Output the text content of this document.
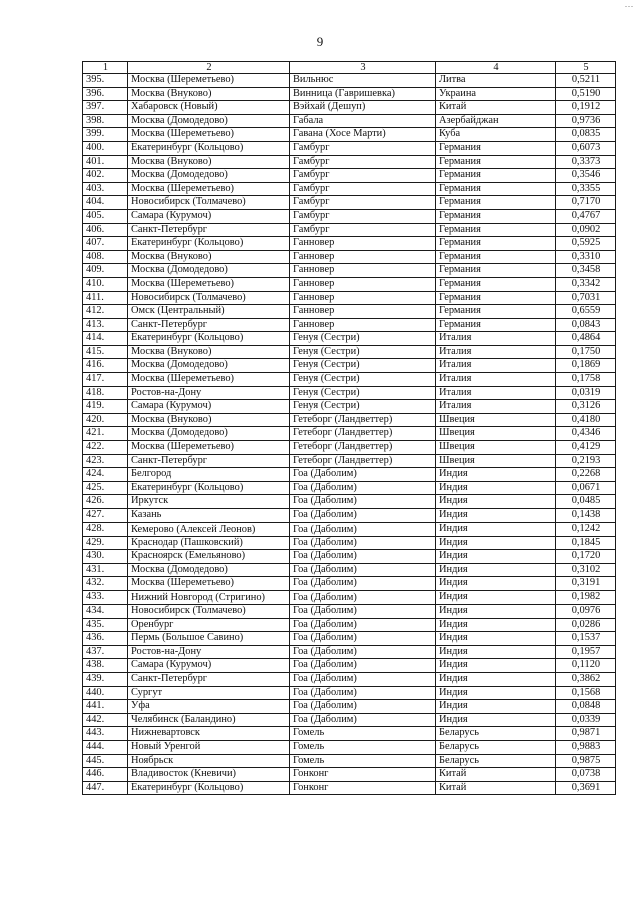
...
9
1	2	3	4	5
395.	Москва (Шереметьево)	Вильнюс	Литва	0,5211
396.	Москва (Внуково)	Винница (Гавришевка)	Украина	0,5190
397.	Хабаровск (Новый)	Вэйхай (Дешуп)	Китай	0,1912
398.	Москва (Домодедово)	Габала	Азербайджан	0,9736
399.	Москва (Шереметьево)	Гавана (Хосе Марти)	Куба	0,0835
400.	Екатеринбург (Кольцово)	Гамбург	Германия	0,6073
401.	Москва (Внуково)	Гамбург	Германия	0,3373
402.	Москва (Домодедово)	Гамбург	Германия	0,3546
403.	Москва (Шереметьево)	Гамбург	Германия	0,3355
404.	Новосибирск (Толмачево)	Гамбург	Германия	0,7170
405.	Самара (Курумоч)	Гамбург	Германия	0,4767
406.	Санкт-Петербург	Гамбург	Германия	0,0902
407.	Екатеринбург (Кольцово)	Ганновер	Германия	0,5925
408.	Москва (Внуково)	Ганновер	Германия	0,3310
409.	Москва (Домодедово)	Ганновер	Германия	0,3458
410.	Москва (Шереметьево)	Ганновер	Германия	0,3342
411.	Новосибирск (Толмачево)	Ганновер	Германия	0,7031
412.	Омск (Центральный)	Ганновер	Германия	0,6559
413.	Санкт-Петербург	Ганновер	Германия	0,0843
414.	Екатеринбург (Кольцово)	Генуя (Сестри)	Италия	0,4864
415.	Москва (Внуково)	Генуя (Сестри)	Италия	0,1750
416.	Москва (Домодедово)	Генуя (Сестри)	Италия	0,1869
417.	Москва (Шереметьево)	Генуя (Сестри)	Италия	0,1758
418.	Ростов-на-Дону	Генуя (Сестри)	Италия	0,0319
419.	Самара (Курумоч)	Генуя (Сестри)	Италия	0,3126
420.	Москва (Внуково)	Гетеборг (Ландветтер)	Швеция	0,4180
421.	Москва (Домодедово)	Гетеборг (Ландветтер)	Швеция	0,4346
422.	Москва (Шереметьево)	Гетеборг (Ландветтер)	Швеция	0,4129
423.	Санкт-Петербург	Гетеборг (Ландветтер)	Швеция	0,2193
424.	Белгород	Гоа (Даболим)	Индия	0,2268
425.	Екатеринбург (Кольцово)	Гоа (Даболим)	Индия	0,0671
426.	Иркутск	Гоа (Даболим)	Индия	0,0485
427.	Казань	Гоа (Даболим)	Индия	0,1438
428.	Кемерово (Алексей Леонов)	Гоа (Даболим)	Индия	0,1242
429.	Краснодар (Пашковский)	Гоа (Даболим)	Индия	0,1845
430.	Красноярск (Емельяново)	Гоа (Даболим)	Индия	0,1720
431.	Москва (Домодедово)	Гоа (Даболим)	Индия	0,3102
432.	Москва (Шереметьево)	Гоа (Даболим)	Индия	0,3191
433.	Нижний Новгород (Стригино)	Гоа (Даболим)	Индия	0,1982
434.	Новосибирск (Толмачево)	Гоа (Даболим)	Индия	0,0976
435.	Оренбург	Гоа (Даболим)	Индия	0,0286
436.	Пермь (Большое Савино)	Гоа (Даболим)	Индия	0,1537
437.	Ростов-на-Дону	Гоа (Даболим)	Индия	0,1957
438.	Самара (Курумоч)	Гоа (Даболим)	Индия	0,1120
439.	Санкт-Петербург	Гоа (Даболим)	Индия	0,3862
440.	Сургут	Гоа (Даболим)	Индия	0,1568
441.	Уфа	Гоа (Даболим)	Индия	0,0848
442.	Челябинск (Баландино)	Гоа (Даболим)	Индия	0,0339
443.	Нижневартовск	Гомель	Беларусь	0,9871
444.	Новый Уренгой	Гомель	Беларусь	0,9883
445.	Ноябрьск	Гомель	Беларусь	0,9875
446.	Владивосток (Кневичи)	Гонконг	Китай	0,0738
447.	Екатеринбург (Кольцово)	Гонконг	Китай	0,3691
